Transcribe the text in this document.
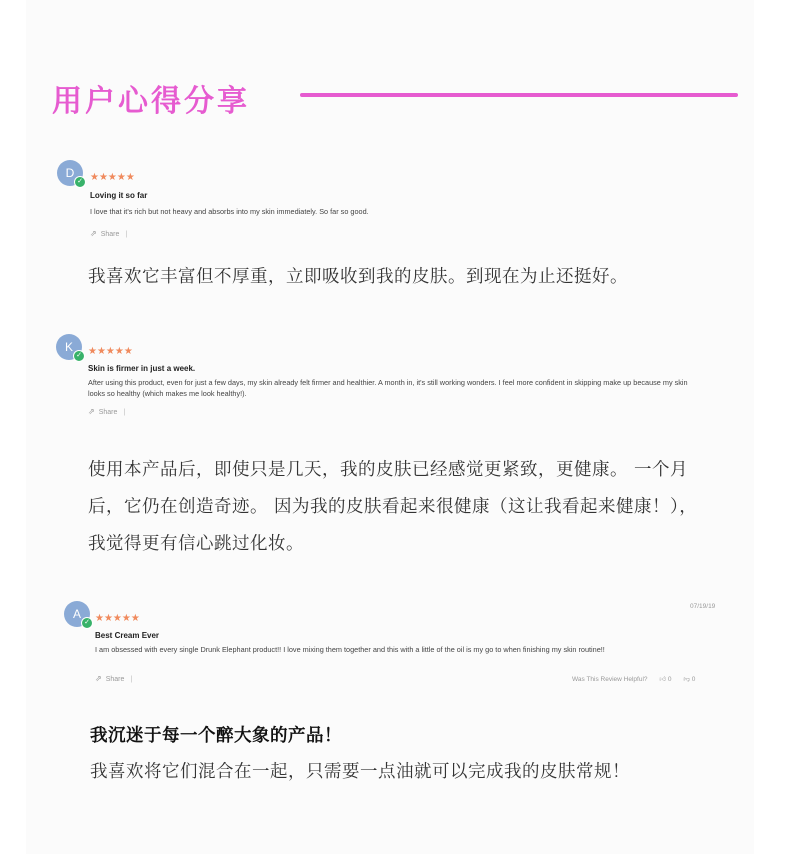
用户心得分享
D
✓ ★★★★★
Loving it so far
I love that it's rich but not heavy and absorbs into my skin immediately. So far so good.
⇗ Share |
我喜欢它丰富但不厚重，立即吸收到我的皮肤。到现在为止还挺好。
K
✓ ★★★★★
Skin is firmer in just a week.
After using this product, even for just a few days, my skin already felt firmer and healthier. A month in, it's still working wonders. I feel more confident in skipping make up because my skin looks so healthy (which makes me look healthy!).
⇗ Share |

使用本产品后，即使只是几天，我的皮肤已经感觉更紧致，更健康。 一个月

后，它仍在创造奇迹。 因为我的皮肤看起来很健康（这让我看起来健康！），

我觉得更有信心跳过化妆。

A
✓ ★★★★★
07/19/19
Best Cream Ever
I am obsessed with every single Drunk Elephant product!! I love mixing them together and this with a little of the oil is my go to when finishing my skin routine!!
⇗ Share |	Was This Review Helpful? 👍︎ 0 👎︎ 0

我沉迷于每一个醉大象的产品！

我喜欢将它们混合在一起，只需要一点油就可以完成我的皮肤常规！
